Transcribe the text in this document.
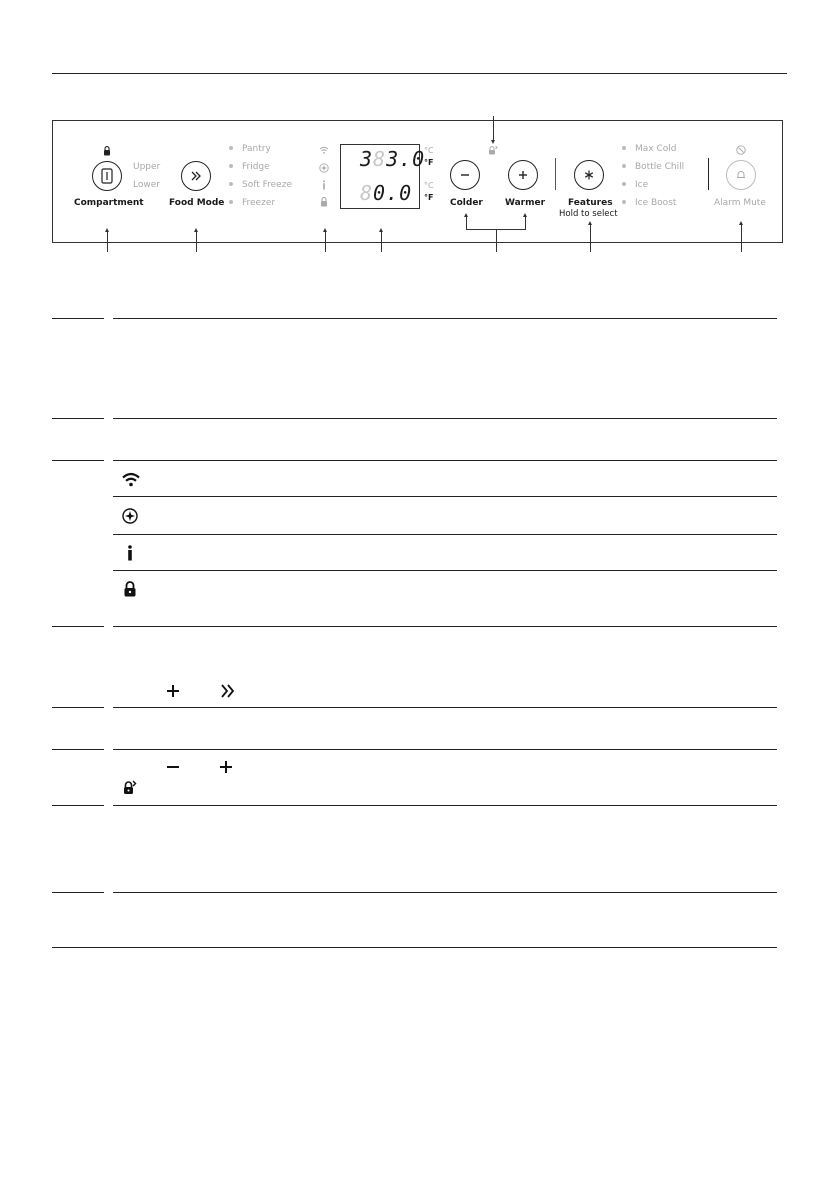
Upper
Lower
Compartment	Food Mode
Pantry
Fridge
Soft Freeze
Freezer
383.0
80.0
°C
°F
°C
°F
Colder Warmer	Features
Hold to select
Max Cold
Bottle Chill
Ice
Ice Boost	Alarm Mute
